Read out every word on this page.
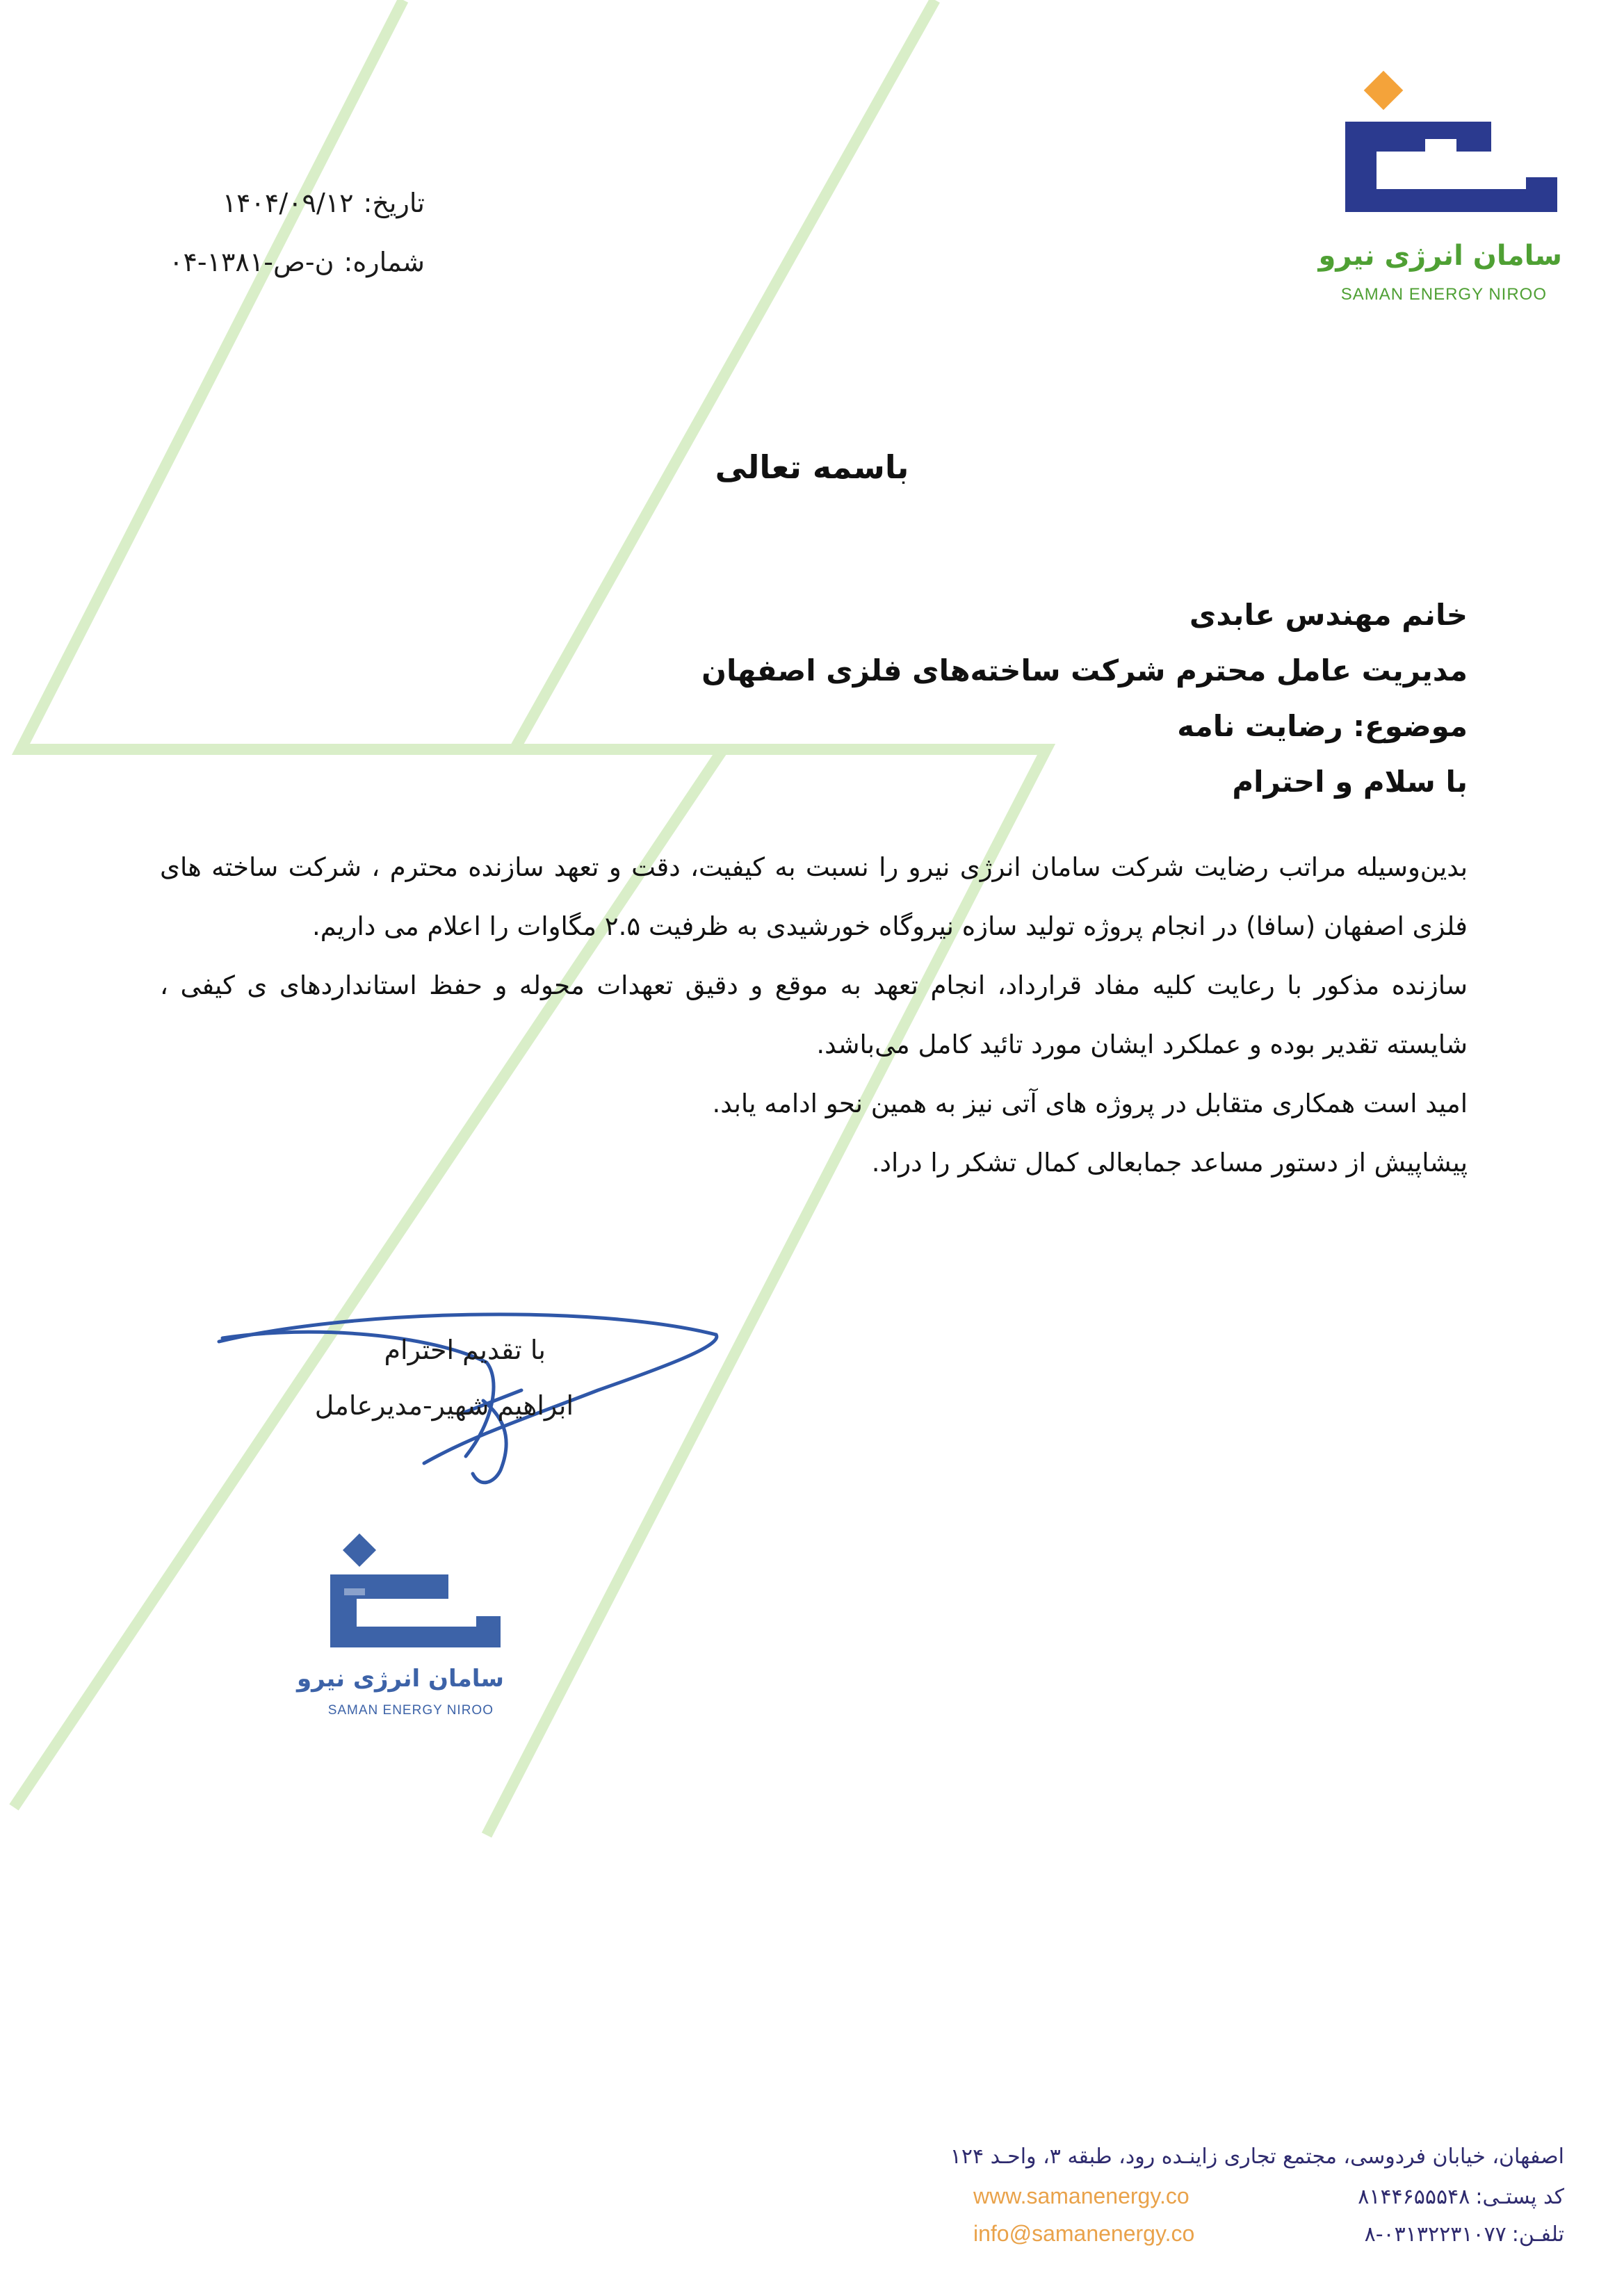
سامان انرژی نیرو
SAMAN ENERGY NIROO
تاریخ:۱۴۰۴/۰۹/۱۲
شماره:ن-ص-۱۳۸۱-۰۴
باسمه تعالی
خانم مهندس عابدی
مدیریت عامل محترم شرکت ساخته‌های فلزی اصفهان
موضوع: رضایت نامه
با سلام و احترام

بدین‌وسیله مراتب رضایت شرکت سامان انرژی نیرو را نسبت به کیفیت، دقت و تعهد سازنده محترم ، شرکت ساخته های فلزی اصفهان (سافا) در انجام پروژه تولید سازه نیروگاه خورشیدی به ظرفیت ۲.۵ مگاوات را اعلام می داریم.

سازنده مذکور با رعایت کلیه مفاد قرارداد، انجام تعهد به موقع و دقیق تعهدات محوله و حفظ استانداردهای ی کیفی ، شایسته تقدیر بوده و عملکرد ایشان مورد تائید کامل می‌باشد.

امید است همکاری متقابل در پروژه های آتی نیز به همین نحو ادامه یابد.

پیشاپیش از دستور مساعد جمابعالی کمال تشکر را دراد.

با تقدیم احترام
ابراهیم شهیر-مدیرعامل
سامان انرژی نیرو
SAMAN ENERGY NIROO
اصفهان، خیابان فردوسی، مجتمع تجاری زاینـده رود، طبقه ۳، واحـد ۱۲۴
کد پستـی:۸۱۴۴۶۵۵۵۴۸
تلفـن:۰۳۱۳۲۲۳۱۰۷۷-۸
www.samanenergy.co
info@samanenergy.co
